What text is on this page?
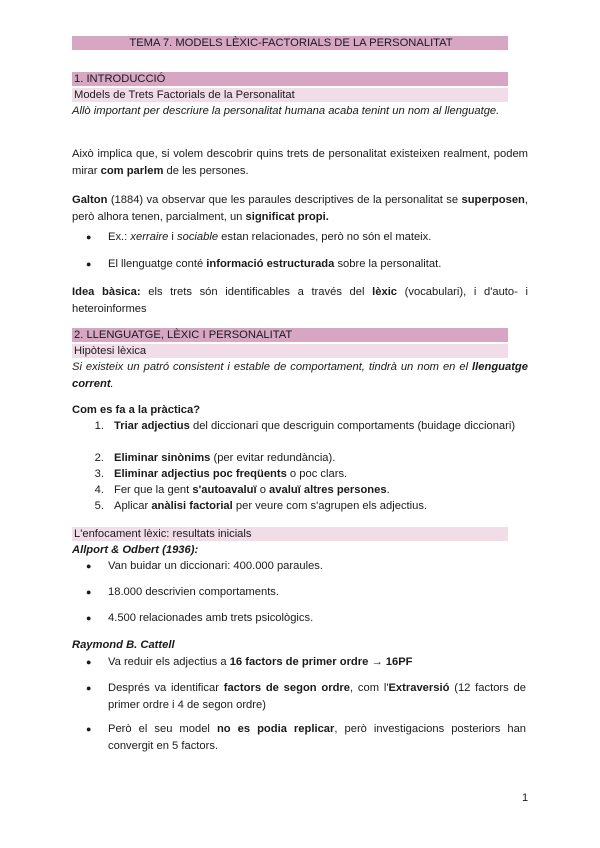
TEMA 7. MODELS LÈXIC-FACTORIALS DE LA PERSONALITAT
1. INTRODUCCIÓ
Models de Trets Factorials de la Personalitat
Allò important per descriure la personalitat humana acaba tenint un nom al llenguatge.
Això implica que, si volem descobrir quins trets de personalitat existeixen realment, podem mirar com parlem de les persones.
Galton (1884) va observar que les paraules descriptives de la personalitat se superposen, però alhora tenen, parcialment, un significat propi.
● Ex.: xerraire i sociable estan relacionades, però no són el mateix.
● El llenguatge conté informació estructurada sobre la personalitat.
Idea bàsica: els trets són identificables a través del lèxic (vocabulari), i d'auto- i heteroinformes
2. LLENGUATGE, LÈXIC I PERSONALITAT
Hipòtesi lèxica
Si existeix un patró consistent i estable de comportament, tindrà un nom en el llenguatge corrent.
Com es fa a la pràctica?
1. Triar adjectius del diccionari que descriguin comportaments (buidage diccionari)
2. Eliminar sinònims (per evitar redundància).
3. Eliminar adjectius poc freqüents o poc clars.
4. Fer que la gent s'autoavaluï o avaluï altres persones.
5. Aplicar anàlisi factorial per veure com s'agrupen els adjectius.
L'enfocament lèxic: resultats inicials
Allport & Odbert (1936):
● Van buidar un diccionari: 400.000 paraules.
● 18.000 descrivien comportaments.
● 4.500 relacionades amb trets psicològics.
Raymond B. Cattell
● Va reduir els adjectius a 16 factors de primer ordre → 16PF
● Després va identificar factors de segon ordre, com l'Extraversió (12 factors de primer ordre i 4 de segon ordre)
● Però el seu model no es podia replicar, però investigacions posteriors han convergit en 5 factors.
1
